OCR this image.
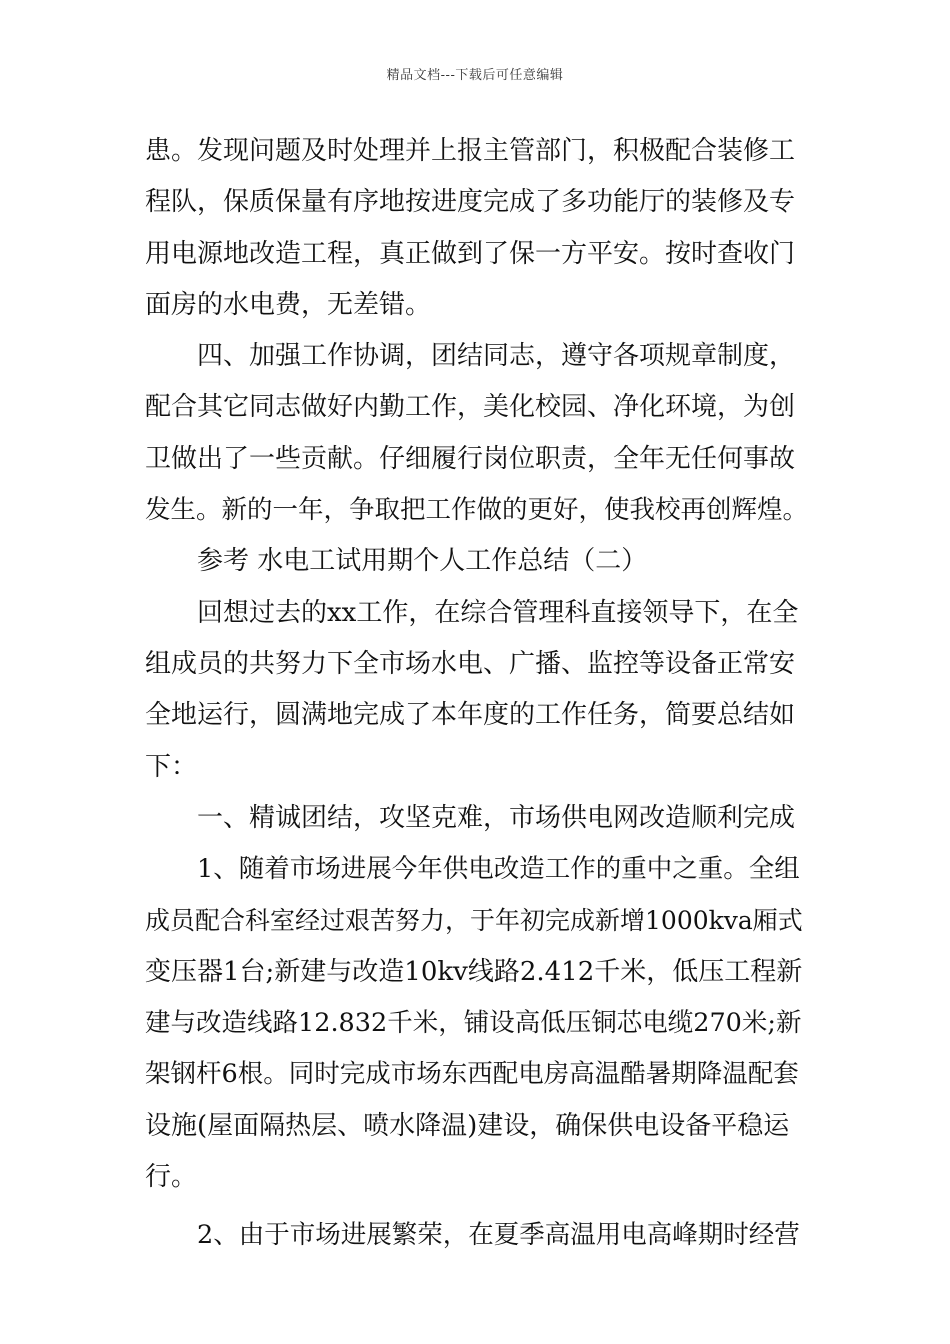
精品文档---下载后可任意编辑
患。发现问题及时处理并上报主管部门，积极配合装修工
程队，保质保量有序地按进度完成了多功能厅的装修及专
用电源地改造工程，真正做到了保一方平安。按时查收门
面房的水电费，无差错。
四、加强工作协调，团结同志，遵守各项规章制度，
配合其它同志做好内勤工作，美化校园、净化环境，为创
卫做出了一些贡献。仔细履行岗位职责，全年无任何事故
发生。新的一年，争取把工作做的更好，使我校再创辉煌。
参考 水电工试用期个人工作总结（二）
回想过去的xx工作，在综合管理科直接领导下，在全
组成员的共努力下全市场水电、广播、监控等设备正常安
全地运行，圆满地完成了本年度的工作任务，简要总结如
下：
一、精诚团结，攻坚克难，市场供电网改造顺利完成
1、随着市场进展今年供电改造工作的重中之重。全组
成员配合科室经过艰苦努力，于年初完成新增1000kva厢式
变压器1台;新建与改造10kv线路2.412千米，低压工程新
建与改造线路12.832千米，铺设高低压铜芯电缆270米;新
架钢杆6根。同时完成市场东西配电房高温酷暑期降温配套
设施(屋面隔热层、喷水降温)建设，确保供电设备平稳运
行。
2、由于市场进展繁荣，在夏季高温用电高峰期时经营
